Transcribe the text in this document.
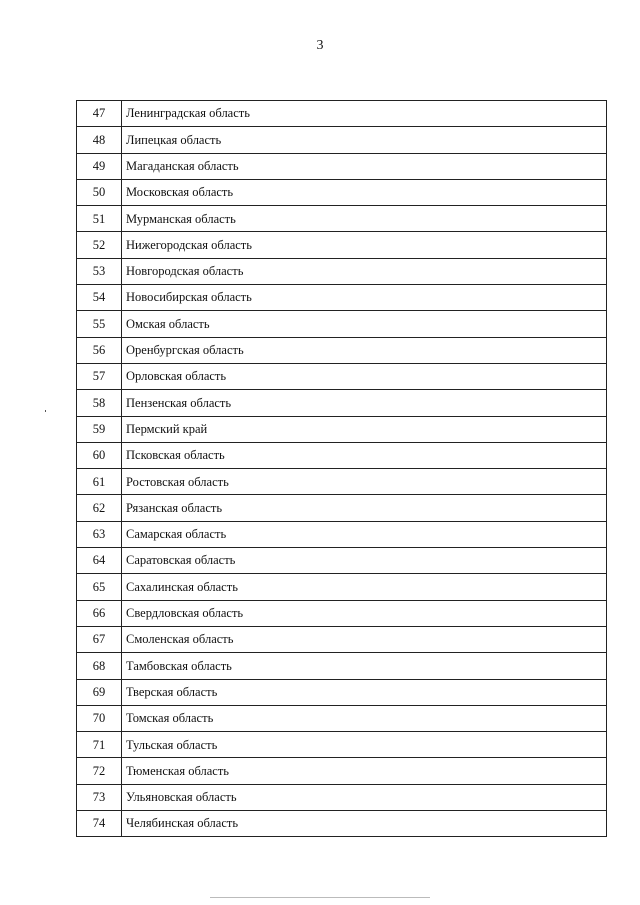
3
47	Ленинградская область
48	Липецкая область
49	Магаданская область
50	Московская область
51	Мурманская область
52	Нижегородская область
53	Новгородская область
54	Новосибирская область
55	Омская область
56	Оренбургская область
57	Орловская область
58	Пензенская область
59	Пермский край
60	Псковская область
61	Ростовская область
62	Рязанская область
63	Самарская область
64	Саратовская область
65	Сахалинская область
66	Свердловская область
67	Смоленская область
68	Тамбовская область
69	Тверская область
70	Томская область
71	Тульская область
72	Тюменская область
73	Ульяновская область
74	Челябинская область
